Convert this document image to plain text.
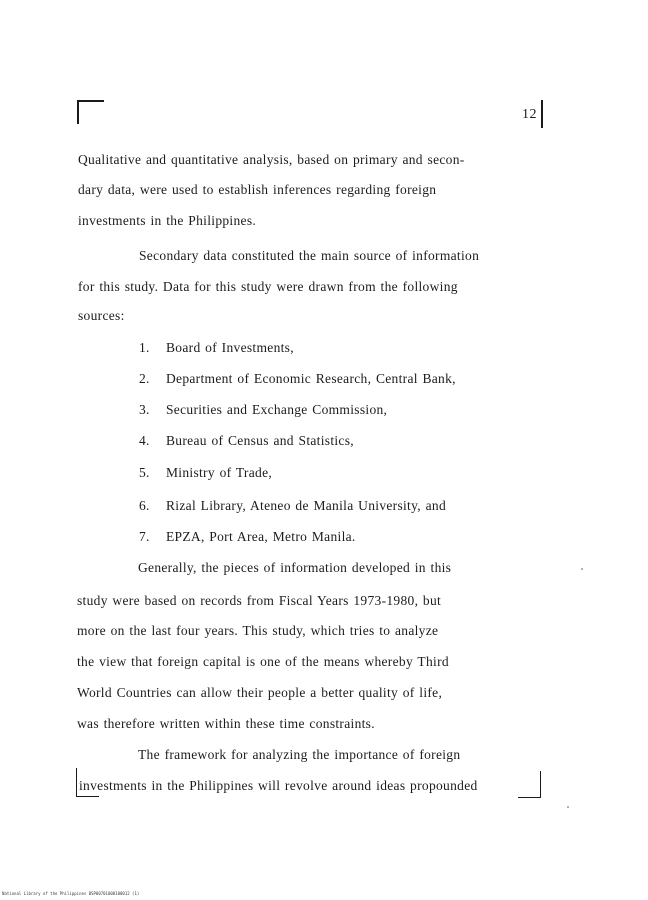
12
Qualitative and quantitative analysis, based on primary and secon-
dary data, were used to establish inferences regarding foreign
investments in the Philippines.
Secondary data constituted the main source of information
for this study. Data for this study were drawn from the following
sources:
1. Board of Investments,
2. Department of Economic Research, Central Bank,
3. Securities and Exchange Commission,
4. Bureau of Census and Statistics,
5. Ministry of Trade,
6. Rizal Library, Ateneo de Manila University, and
7. EPZA, Port Area, Metro Manila.
Generally, the pieces of information developed in this
study were based on records from Fiscal Years 1973-1980, but
more on the last four years. This study, which tries to analyze
the view that foreign capital is one of the means whereby Third
World Countries can allow their people a better quality of life,
was therefore written within these time constraints.
The framework for analyzing the importance of foreign
investments in the Philippines will revolve around ideas propounded
National Library of the Philippines BSP00701000100012 (1)
